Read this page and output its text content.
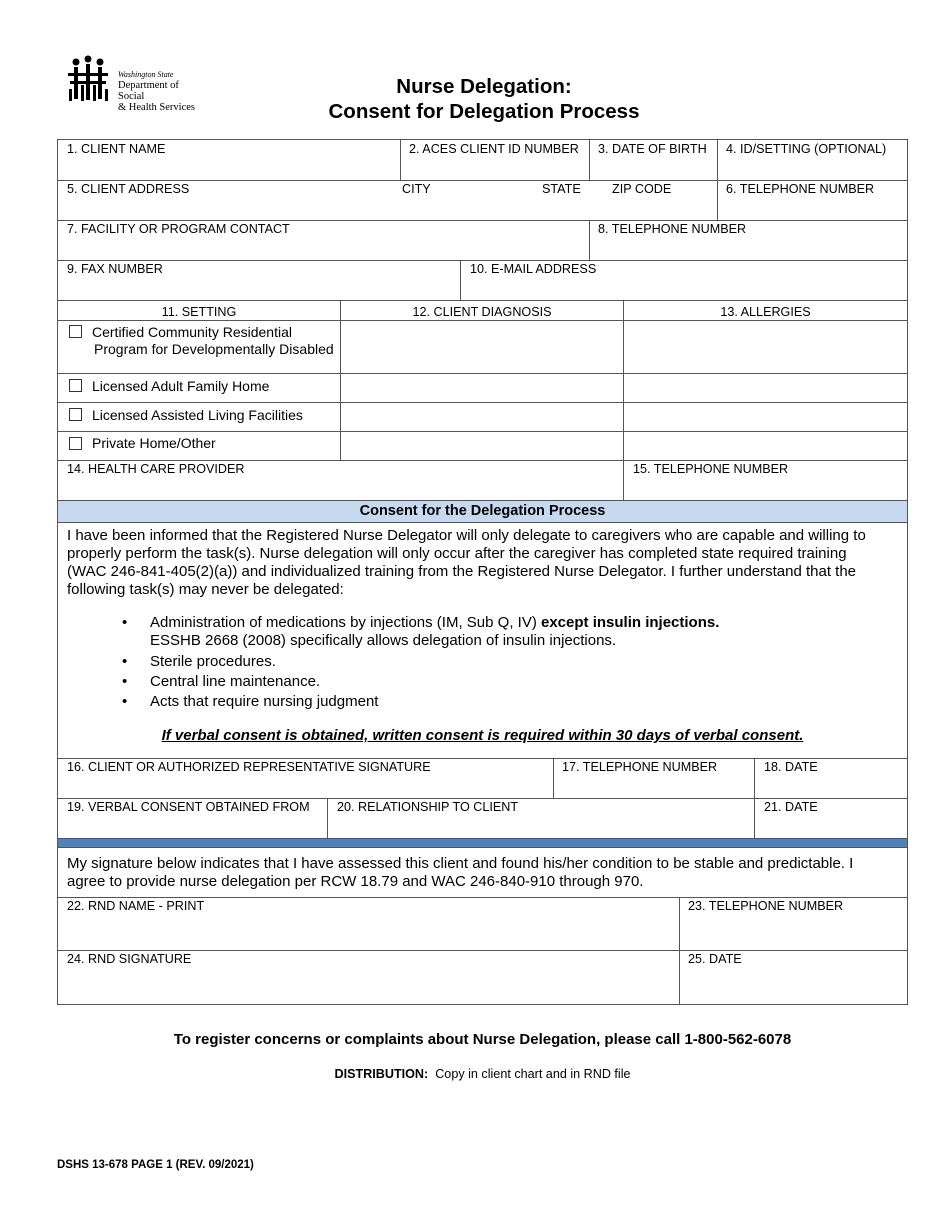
Washington State
Department of Social
& Health Services
Nurse Delegation:
Consent for Delegation Process
1. CLIENT NAME	2. ACES CLIENT ID NUMBER 3. DATE OF BIRTH 4. ID/SETTING (OPTIONAL)
5. CLIENT ADDRESS	CITY	STATE ZIP CODE	6. TELEPHONE NUMBER
7. FACILITY OR PROGRAM CONTACT	8. TELEPHONE NUMBER
9. FAX NUMBER	10. E-MAIL ADDRESS
11. SETTING	12. CLIENT DIAGNOSIS	13. ALLERGIES
Certified Community Residential
Program for Developmentally Disabled
Licensed Adult Family Home
Licensed Assisted Living Facilities
Private Home/Other
14. HEALTH CARE PROVIDER	15. TELEPHONE NUMBER
Consent for the Delegation Process
I have been informed that the Registered Nurse Delegator will only delegate to caregivers who are capable and willing to
properly perform the task(s). Nurse delegation will only occur after the caregiver has completed state required training
(WAC 246-841-405(2)(a)) and individualized training from the Registered Nurse Delegator. I further understand that the
following task(s) may never be delegated:
• Administration of medications by injections (IM, Sub Q, IV) except insulin injections.
ESSHB 2668 (2008) specifically allows delegation of insulin injections.
• Sterile procedures.
• Central line maintenance.
• Acts that require nursing judgment
If verbal consent is obtained, written consent is required within 30 days of verbal consent.
16. CLIENT OR AUTHORIZED REPRESENTATIVE SIGNATURE	17. TELEPHONE NUMBER	18. DATE
19. VERBAL CONSENT OBTAINED FROM 20. RELATIONSHIP TO CLIENT	21. DATE
My signature below indicates that I have assessed this client and found his/her condition to be stable and predictable. I
agree to provide nurse delegation per RCW 18.79 and WAC 246-840-910 through 970.
22. RND NAME - PRINT	23. TELEPHONE NUMBER
24. RND SIGNATURE	25. DATE
To register concerns or complaints about Nurse Delegation, please call 1-800-562-6078
DISTRIBUTION:  Copy in client chart and in RND file
DSHS 13-678 PAGE 1 (REV. 09/2021)
